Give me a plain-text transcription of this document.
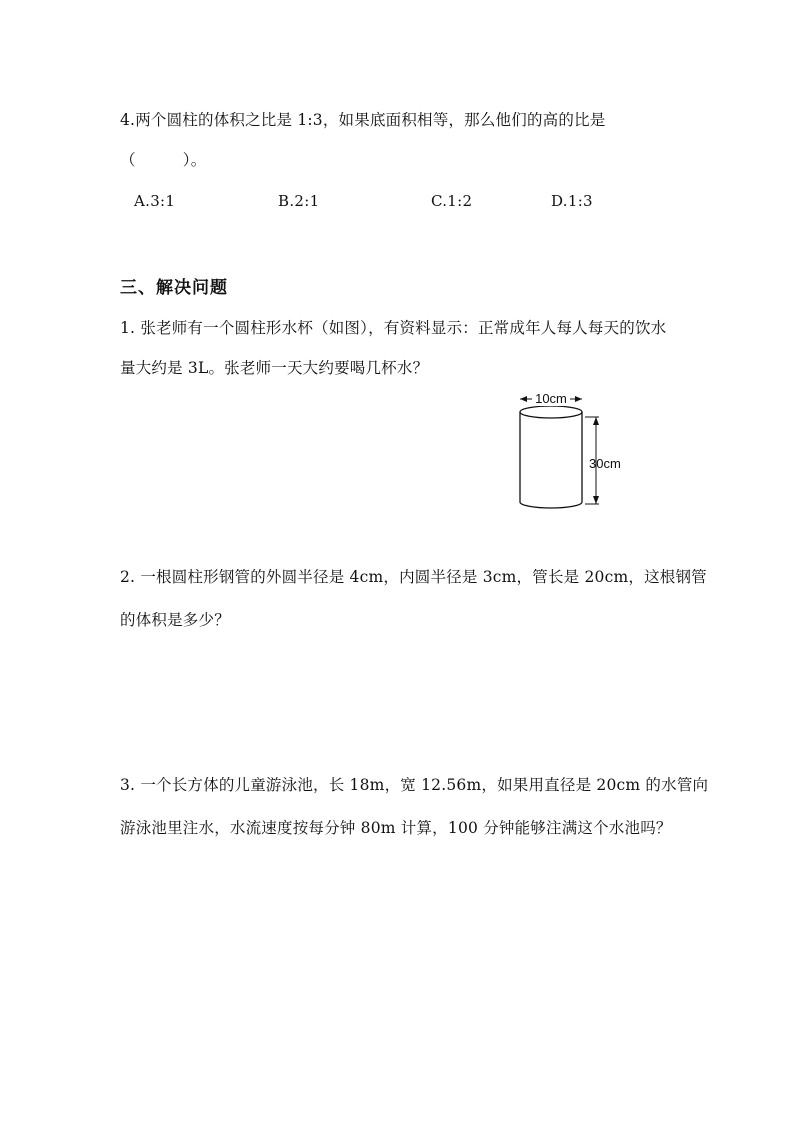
4.两个圆柱的体积之比是 1:3，如果底面积相等，那么他们的高的比是
（　　　）。
A.3:1	B.2:1	C.1:2	D.1:3
三、解决问题
1. 张老师有一个圆柱形水杯（如图），有资料显示：正常成年人每人每天的饮水
量大约是 3L。张老师一天大约要喝几杯水？
10cm
30cm
2. 一根圆柱形钢管的外圆半径是 4cm，内圆半径是 3cm，管长是 20cm，这根钢管
的体积是多少？
3. 一个长方体的儿童游泳池，长 18m，宽 12.56m，如果用直径是 20cm 的水管向
游泳池里注水，水流速度按每分钟 80m 计算，100 分钟能够注满这个水池吗？
